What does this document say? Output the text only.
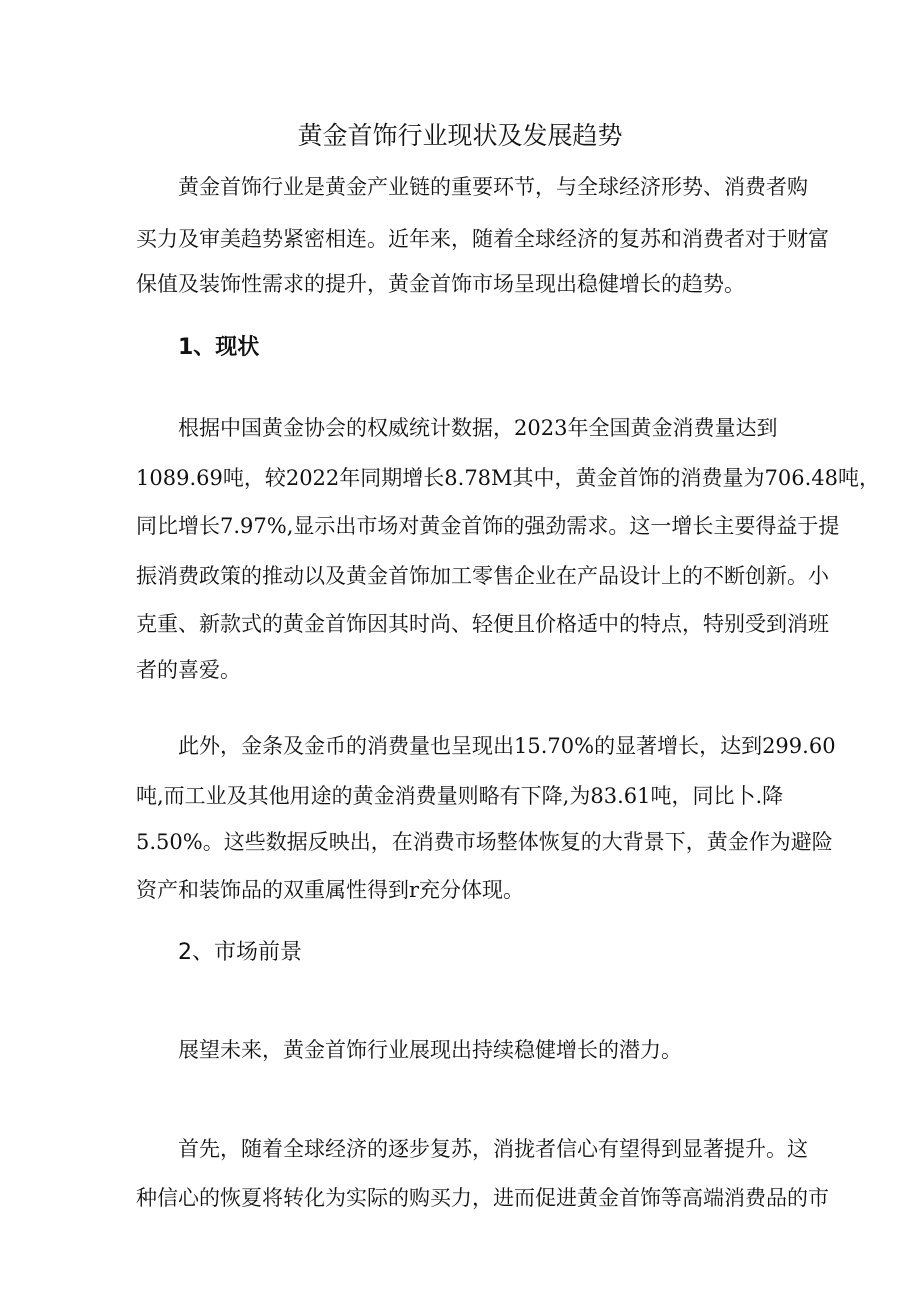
黄金首饰行业现状及发展趋势
黄金首饰行业是黄金产业链的重要环节，与全球经济形势、消费者购
买力及审美趋势紧密相连。近年来，随着全球经济的复苏和消费者对于财富
保值及装饰性需求的提升，黄金首饰市场呈现出稳健增长的趋势。
1、现状
根据中国黄金协会的权威统计数据，2023年全国黄金消费量达到
1089.69吨，较2022年同期增长8.78M其中，黄金首饰的消费量为706.48吨，
同比增长7.97%,显示出市场对黄金首饰的强劲需求。这一增长主要得益于提
振消费政策的推动以及黄金首饰加工零售企业在产品设计上的不断创新。小
克重、新款式的黄金首饰因其时尚、轻便且价格适中的特点，特别受到消班
者的喜爱。
此外，金条及金币的消费量也呈现出15.70%的显著增长，达到299.60
吨,而工业及其他用途的黄金消费量则略有下降,为83.61吨，同比卜.降
5.50%。这些数据反映出，在消费市场整体恢复的大背景下，黄金作为避险
资产和装饰品的双重属性得到r充分体现。
2、市场前景
展望未来，黄金首饰行业展现出持续稳健增长的潜力。
首先，随着全球经济的逐步复苏，消拢者信心有望得到显著提升。这
种信心的恢夏将转化为实际的购买力，进而促进黄金首饰等高端消费品的市
